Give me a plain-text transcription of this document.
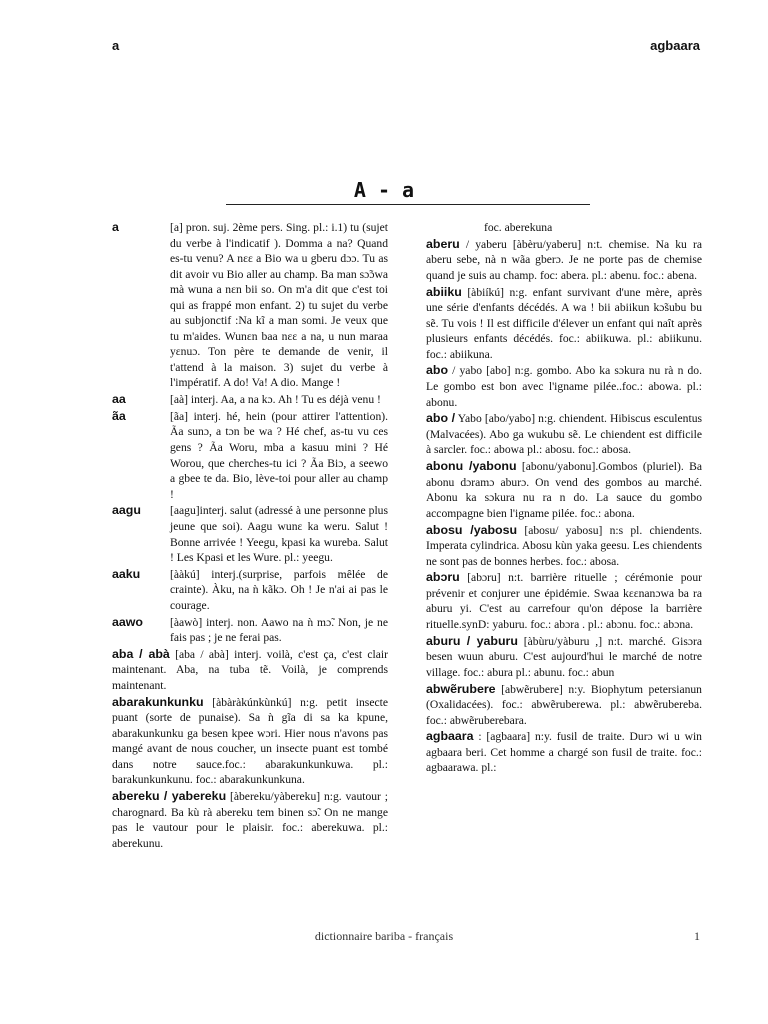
a	agbaara
A - a
a	[a] pron. suj. 2ème pers. Sing. pl.: i.1) tu (sujet du verbe à l'indicatif ). Domma a na? Quand es-tu venu? A nɛɛ a Bio wa u gberu dɔɔ. Tu as dit avoir vu Bio aller au champ. Ba man sɔ̃ɔwa mà wuna a nɛn bii so. On m'a dit que c'est toi qui as frappé mon enfant. 2) tu sujet du verbe au subjonctif :Na kĩ a man somi. Je veux que tu m'aides. Wunɛn baa nɛɛ a na, u nun maraa yɛnuɔ. Ton père te demande de venir, il t'attend à la maison. 3) sujet du verbe à l'impératif. A do! Va! A dio. Mange !
aa	[aà] interj. Aa, a na kɔ. Ah ! Tu es déjà venu !
ãa	[ãa] interj. hé, hein (pour attirer l'attention). Ãa sunɔ, a tɔn be wa ? Hé chef, as-tu vu ces gens ? Ãa Woru, mba a kasuu mini ? Hé Worou, que cherches-tu ici ? Ãa Biɔ, a seewo a gbee te da. Bio, lève-toi pour aller au champ !
aagu	[aagu]interj. salut (adressé à une personne plus jeune que soi). Aagu wunɛ ka weru. Salut ! Bonne arrivée ! Yeegu, kpasi ka wureba. Salut ! Les Kpasi et les Wure. pl.: yeegu.
aaku	[ààkú] interj.(surprise, parfois mêlée de crainte). Àku, na ǹ kãkɔ. Oh ! Je n'ai ai pas le courage.
aawo [àawò] interj. non. Aawo na ǹ mɔ̃. Non, je ne fais pas ; je ne ferai pas.
aba / abà [aba / abà] interj. voilà, c'est ça, c'est clair maintenant. Aba, na tuba tẽ. Voilà, je comprends maintenant.
abarakunkunku [àbàràkúnkùnkú] n:g. petit insecte puant (sorte de punaise). Sa ǹ gĩa di sa ka kpune, abarakunkunku ga besen kpee wɔri. Hier nous n'avons pas mangé avant de nous coucher, un insecte puant est tombé dans notre sauce.foc.: abarakunkunkuwa. pl.: barakunkunkunu. foc.: abarakunkunkuna.
abereku / yabereku [àbereku/yàbereku] n:g. vautour ; charognard. Ba kù rà abereku tem binen sɔ̃. On ne mange pas le vautour pour le plaisir. foc.: aberekuwa. pl.: aberekunu.
foc. aberekuna
aberu / yaberu [àbèru/yaberu] n:t. chemise. Na ku ra aberu sebe, nà n wãa gberɔ. Je ne porte pas de chemise quand je suis au champ. foc: abera. pl.: abenu. foc.: abena.
abiiku [àbiíkú] n:g. enfant survivant d'une mère, après une série d'enfants décédés. A wa ! bii abiikun kɔ̃subu bu sẽ. Tu vois ! Il est difficile d'élever un enfant qui naît après plusieurs enfants décédés. foc.: abiikuwa. pl.: abiikunu. foc.: abiikuna.
abo / yabo [abo] n:g. gombo. Abo ka sɔkura nu rà n do. Le gombo est bon avec l'igname pilée..foc.: abowa. pl.: abonu.
abo / Yabo [abo/yabo] n:g. chiendent. Hibiscus esculentus (Malvacées). Abo ga wukubu sẽ. Le chiendent est difficile à sarcler. foc.: abowa pl.: abosu. foc.: abosa.
abonu /yabonu [abonu/yabonu].Gombos (pluriel). Ba abonu dɔramɔ aburɔ. On vend des gombos au marché. Abonu ka sɔkura nu ra n do. La sauce du gombo accompagne bien l'igname pilée. foc.: abona.
abosu /yabosu [abosu/ yabosu] n:s pl. chiendents. Imperata cylindrica. Abosu kùn yaka geesu. Les chiendents ne sont pas de bonnes herbes. foc.: abosa.
abɔru [abɔru] n:t. barrière rituelle ; cérémonie pour prévenir et conjurer une épidémie. Swaa kɛɛnanɔwa ba ra aburu yi. C'est au carrefour qu'on dépose la barrière rituelle.synD: yaburu. foc.: abɔra . pl.: abɔnu. foc.: abɔna.
aburu / yaburu [àbùru/yàburu ,] n:t. marché. Gisɔra besen wuun aburu. C'est aujourd'hui le marché de notre village. foc.: abura pl.: abunu. foc.: abun
abwẽrubere [abwẽrubere] n:y. Biophytum petersianun (Oxalidacées). foc.: abwẽruberewa. pl.: abwẽrubereba. foc.: abwẽruberebara.
agbaara : [agbaara] n:y. fusil de traite. Durɔ wi u win agbaara beri. Cet homme a chargé son fusil de traite. foc.: agbaarawa. pl.:
dictionnaire bariba - français	1
